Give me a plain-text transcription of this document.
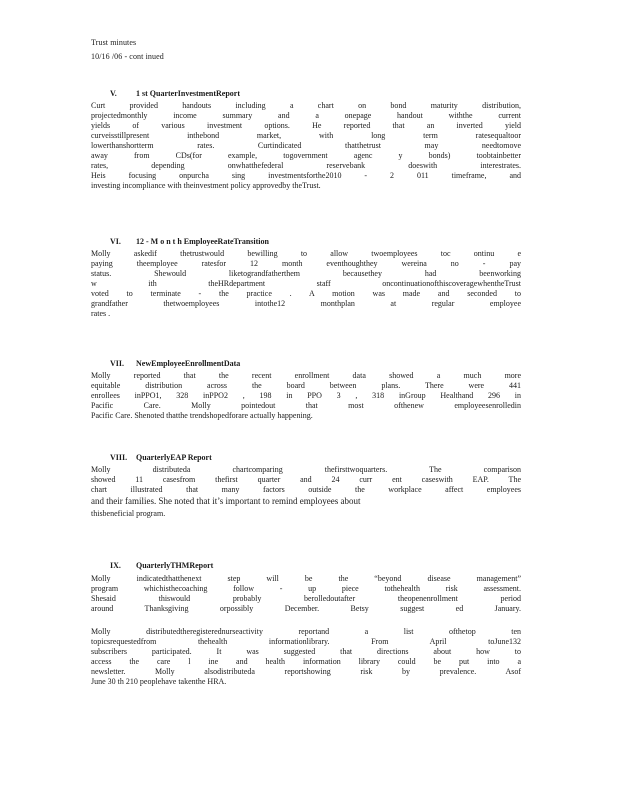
Trust minutes
10/16 /06 - cont inued
V. 1 st QuarterInvestmentReport
Curt provided handouts including a chart on bond maturity distribution,
projectedmonthly income summary and a onepage handout withthe current
yields of various investment options. He reported that an inverted yield
curveisstillpresent inthebond market, with long term ratesequaltoor
lowerthanshortterm rates. Curtindicated thatthetrust may needtomove
away from CDs(for example, togovernment agenc y bonds) toobtainbetter
rates, depending onwhatthefederal reservebank doeswith interestrates.
Heis focusing onpurcha sing investmentsforthe2010 - 2 011 timeframe, and
investing incompliance with theinvestment policy approvedby theTrust.
VI. 12 - M o n t h EmployeeRateTransition
Molly askedif thetrustwould bewilling to allow twoemployees toc ontinu e
paying theemployee ratesfor 12 month eventhoughthey wereina no - pay
status. Shewould liketograndfatherthem becausethey had beenworking
w ith theHRdepartment staff oncontinuationofthiscoveragewhentheTrust
voted to terminate - the practice . A motion was made and seconded to
grandfather thetwoemployees intothe12 monthplan at regular employee
rates .
VII. NewEmployeeEnrollmentData
Molly reported that the recent enrollment data showed a much more
equitable distribution across the board between plans. There were 441
enrollees inPPO1, 328 inPPO2 , 198 in PPO 3 , 318 inGroup Healthand 296 in
Pacific Care. Molly pointedout that most ofthenew employeesenrolledin
Pacific Care. Shenoted thatthe trendshopedforare actually happening.
VIII. QuarterlyEAP Report
Molly distributeda chartcomparing thefirsttwoquarters. The comparison
showed 11 casesfrom thefirst quarter and 24 curr ent caseswith EAP. The
chart illustrated that many factors outside the workplace affect employees
and their families. She noted that it’s important to remind employees about
thisbeneficial program.
IX. QuarterlyTHMReport
Molly indicatedthatthenext step will be the “beyond disease management”
program whichisthecoaching follow - up piece tothehealth risk assessment.
Shesaid thiswould probably berolledoutafter theopenenrollment period
around Thanksgiving orpossibly December. Betsy suggest ed January.
Molly distributedtheregisterednurseactivity reportand a list ofthetop ten
topicsrequestedfrom thehealth informationlibrary. From April toJune132
subscribers participated. It was suggested that directions about how to
access the care l ine and health information library could be put into a
newsletter. Molly alsodistributeda reportshowing risk by prevalence. Asof
June 30 th 210 peoplehave takenthe HRA.
